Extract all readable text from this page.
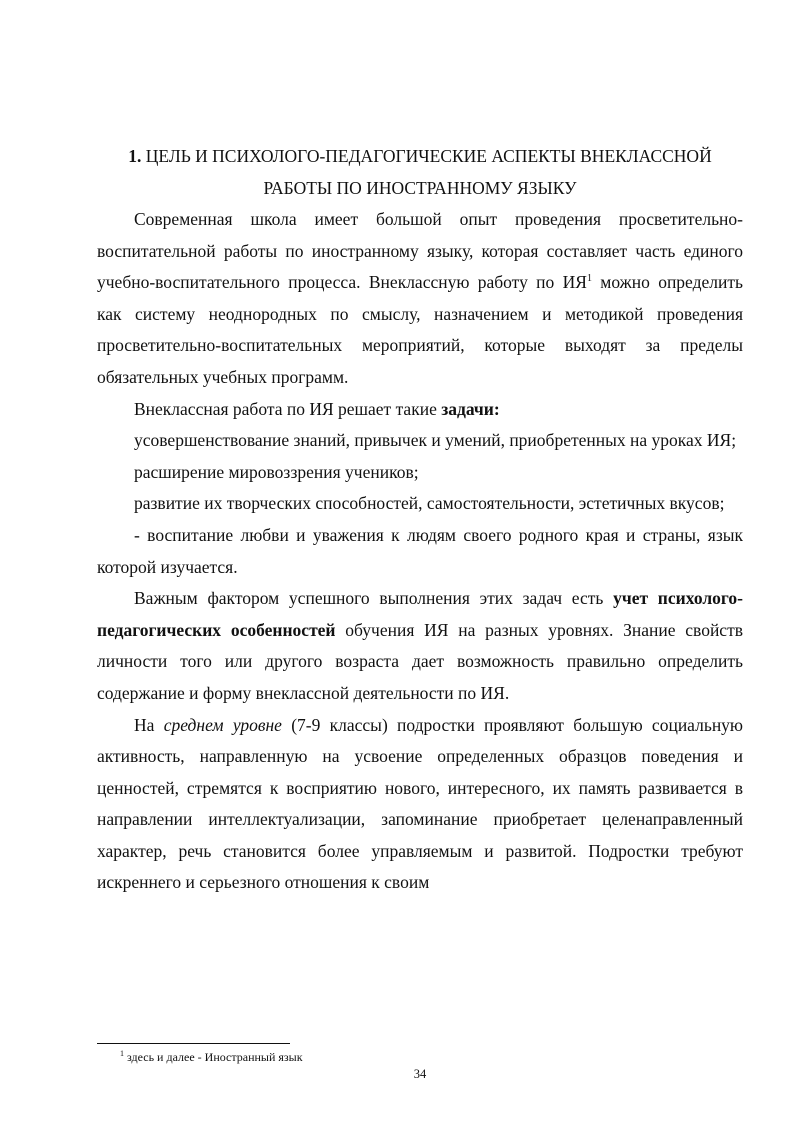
1. ЦЕЛЬ И ПСИХОЛОГО-ПЕДАГОГИЧЕСКИЕ АСПЕКТЫ ВНЕКЛАССНОЙ
РАБОТЫ ПО ИНОСТРАННОМУ ЯЗЫКУ

Современная школа имеет большой опыт проведения просветительно-воспитательной работы по иностранному языку, которая составляет часть единого учебно-воспитательного процесса. Внеклассную работу по $ИЯ^1$ можно определить как систему неоднородных по смыслу, назначением и методикой проведения просветительно-воспитательных мероприятий, которые выходят за пределы обязательных учебных программ.

Внеклассная работа по ИЯ решает такие задачи:

усовершенствование знаний, привычек и умений, приобретенных на уроках ИЯ;

расширение мировоззрения учеников;

развитие их творческих способностей, самостоятельности, эстетичных вкусов;

- воспитание любви и уважения к людям своего родного края и страны, язык которой изучается.

Важным фактором успешного выполнения этих задач есть учет психолого-педагогических особенностей обучения ИЯ на разных уровнях. Знание свойств личности того или другого возраста дает возможность правильно определить содержание и форму внеклассной деятельности по ИЯ.

На среднем уровне (7-9 классы) подростки проявляют большую социальную активность, направленную на усвоение определенных образцов поведения и ценностей, стремятся к восприятию нового, интересного, их память развивается в направлении интеллектуализации, запоминание приобретает целенаправленный характер, речь становится более управляемым и развитой. Подростки требуют искреннего и серьезного отношения к своим

$^1$ здесь и далее - Иностранный язык
34
